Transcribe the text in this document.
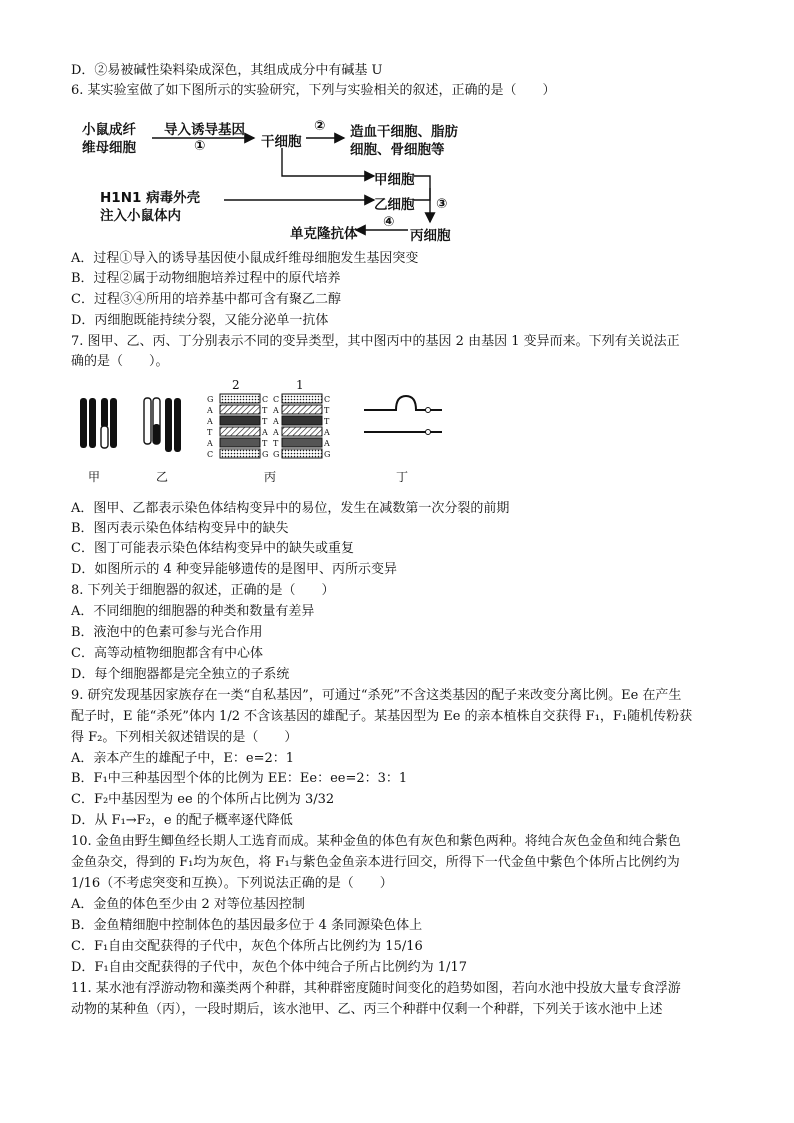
D．②易被碱性染料染成深色，其组成成分中有碱基 U
6. 某实验室做了如下图所示的实验研究，下列与实验相关的叙述，正确的是（　　）
小鼠成纤
维母细胞
导入诱导基因
①	干细胞
② 造血干细胞、脂肪
细胞、骨细胞等
甲细胞
H1N1 病毒外壳
注入小鼠体内
乙细胞 ③
单克隆抗体
④
丙细胞
A．过程①导入的诱导基因使小鼠成纤维母细胞发生基因突变
B．过程②属于动物细胞培养过程中的原代培养
C．过程③④所用的培养基中都可含有聚乙二醇
D．丙细胞既能持续分裂，又能分泌单一抗体
7. 图甲、乙、丙、丁分别表示不同的变异类型，其中图丙中的基因 2 由基因 1 变异而来。下列有关说法正
确的是（　　）。
2	1
G
A
A
T
A
C
C
T
T
A
T
G
C
A
A
A
T
G
C
T
T
A
A
G
甲	乙	丙	丁
A．图甲、乙都表示染色体结构变异中的易位，发生在减数第一次分裂的前期
B．图丙表示染色体结构变异中的缺失
C．图丁可能表示染色体结构变异中的缺失或重复
D．如图所示的 4 种变异能够遗传的是图甲、丙所示变异
8. 下列关于细胞器的叙述，正确的是（　　）
A．不同细胞的细胞器的种类和数量有差异
B．液泡中的色素可参与光合作用
C．高等动植物细胞都含有中心体
D．每个细胞器都是完全独立的子系统
9. 研究发现基因家族存在一类“自私基因”，可通过“杀死”不含这类基因的配子来改变分离比例。Ee 在产生
配子时，E 能“杀死”体内 1/2 不含该基因的雄配子。某基因型为 Ee 的亲本植株自交获得 F₁，F₁随机传粉获
得 F₂。下列相关叙述错误的是（　　）
A．亲本产生的雄配子中，E：e=2：1
B．F₁中三种基因型个体的比例为 EE：Ee：ee=2：3：1
C．F₂中基因型为 ee 的个体所占比例为 3/32
D．从 F₁→F₂，e 的配子概率逐代降低
10. 金鱼由野生鲫鱼经长期人工选育而成。某种金鱼的体色有灰色和紫色两种。将纯合灰色金鱼和纯合紫色
金鱼杂交，得到的 F₁均为灰色，将 F₁与紫色金鱼亲本进行回交，所得下一代金鱼中紫色个体所占比例约为
1/16（不考虑突变和互换）。下列说法正确的是（　　）
A．金鱼的体色至少由 2 对等位基因控制
B．金鱼精细胞中控制体色的基因最多位于 4 条同源染色体上
C．F₁自由交配获得的子代中，灰色个体所占比例约为 15/16
D．F₁自由交配获得的子代中，灰色个体中纯合子所占比例约为 1/17
11. 某水池有浮游动物和藻类两个种群，其种群密度随时间变化的趋势如图，若向水池中投放大量专食浮游
动物的某种鱼（丙），一段时期后，该水池甲、乙、丙三个种群中仅剩一个种群，下列关于该水池中上述
